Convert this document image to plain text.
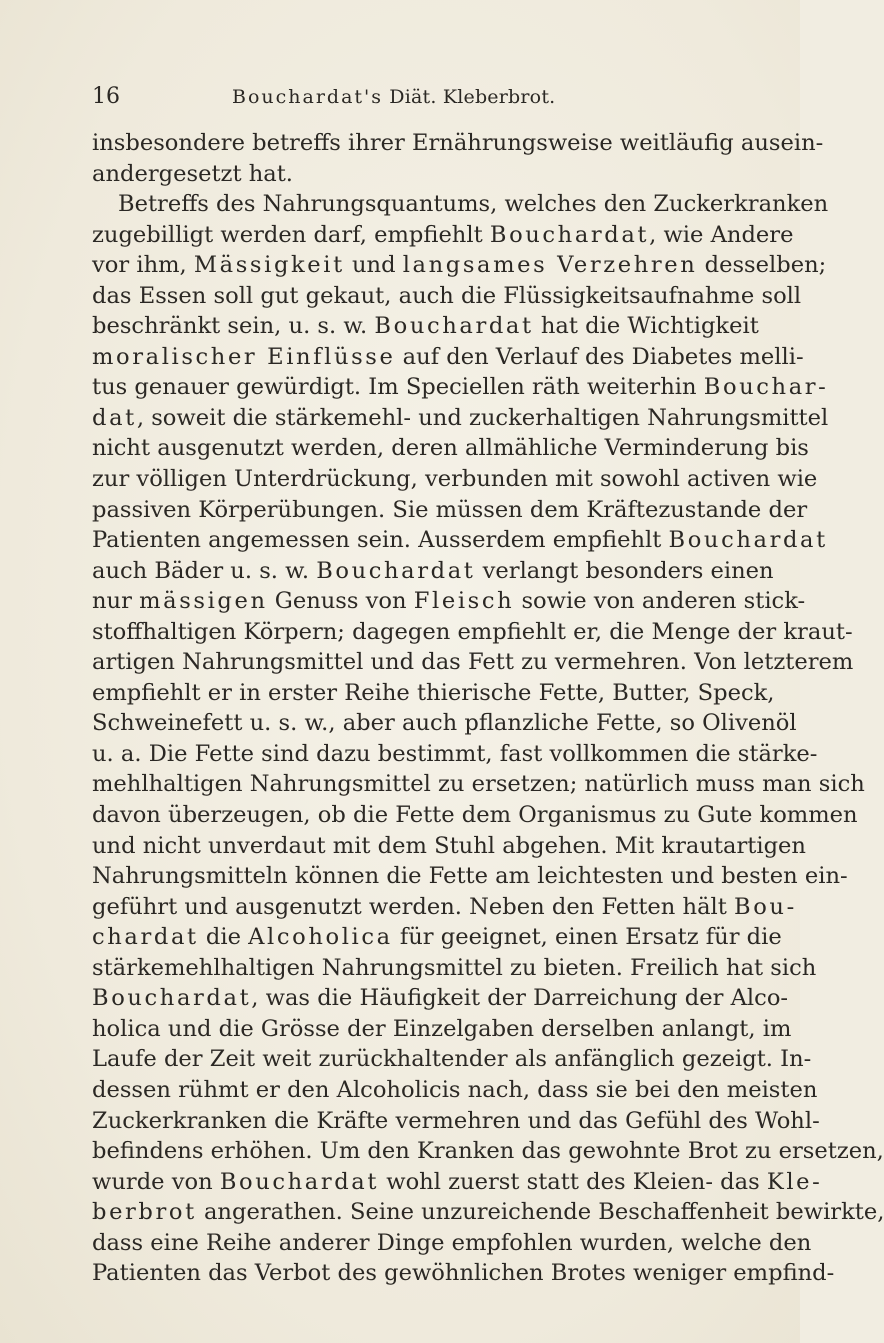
16	Bouchardat's Diät. Kleberbrot.
insbesondere betreffs ihrer Ernährungsweise weitläufig ausein-
andergesetzt hat.
Betreffs des Nahrungsquantums, welches den Zuckerkranken
zugebilligt werden darf, empfiehlt Bouchardat, wie Andere
vor ihm, Mässigkeit und langsames Verzehren desselben;
das Essen soll gut gekaut, auch die Flüssigkeitsaufnahme soll
beschränkt sein, u. s. w. Bouchardat hat die Wichtigkeit
moralischer Einflüsse auf den Verlauf des Diabetes melli-
tus genauer gewürdigt. Im Speciellen räth weiterhin Bouchar-
dat, soweit die stärkemehl- und zuckerhaltigen Nahrungsmittel
nicht ausgenutzt werden, deren allmähliche Verminderung bis
zur völligen Unterdrückung, verbunden mit sowohl activen wie
passiven Körperübungen. Sie müssen dem Kräftezustande der
Patienten angemessen sein. Ausserdem empfiehlt Bouchardat
auch Bäder u. s. w. Bouchardat verlangt besonders einen
nur mässigen Genuss von Fleisch sowie von anderen stick-
stoffhaltigen Körpern; dagegen empfiehlt er, die Menge der kraut-
artigen Nahrungsmittel und das Fett zu vermehren. Von letzterem
empfiehlt er in erster Reihe thierische Fette, Butter, Speck,
Schweinefett u. s. w., aber auch pflanzliche Fette, so Olivenöl
u. a. Die Fette sind dazu bestimmt, fast vollkommen die stärke-
mehlhaltigen Nahrungsmittel zu ersetzen; natürlich muss man sich
davon überzeugen, ob die Fette dem Organismus zu Gute kommen
und nicht unverdaut mit dem Stuhl abgehen. Mit krautartigen
Nahrungsmitteln können die Fette am leichtesten und besten ein-
geführt und ausgenutzt werden. Neben den Fetten hält Bou-
chardat die Alcoholica für geeignet, einen Ersatz für die
stärkemehlhaltigen Nahrungsmittel zu bieten. Freilich hat sich
Bouchardat, was die Häufigkeit der Darreichung der Alco-
holica und die Grösse der Einzelgaben derselben anlangt, im
Laufe der Zeit weit zurückhaltender als anfänglich gezeigt. In-
dessen rühmt er den Alcoholicis nach, dass sie bei den meisten
Zuckerkranken die Kräfte vermehren und das Gefühl des Wohl-
befindens erhöhen. Um den Kranken das gewohnte Brot zu ersetzen,
wurde von Bouchardat wohl zuerst statt des Kleien- das Kle-
berbrot angerathen. Seine unzureichende Beschaffenheit bewirkte,
dass eine Reihe anderer Dinge empfohlen wurden, welche den
Patienten das Verbot des gewöhnlichen Brotes weniger empfind-
